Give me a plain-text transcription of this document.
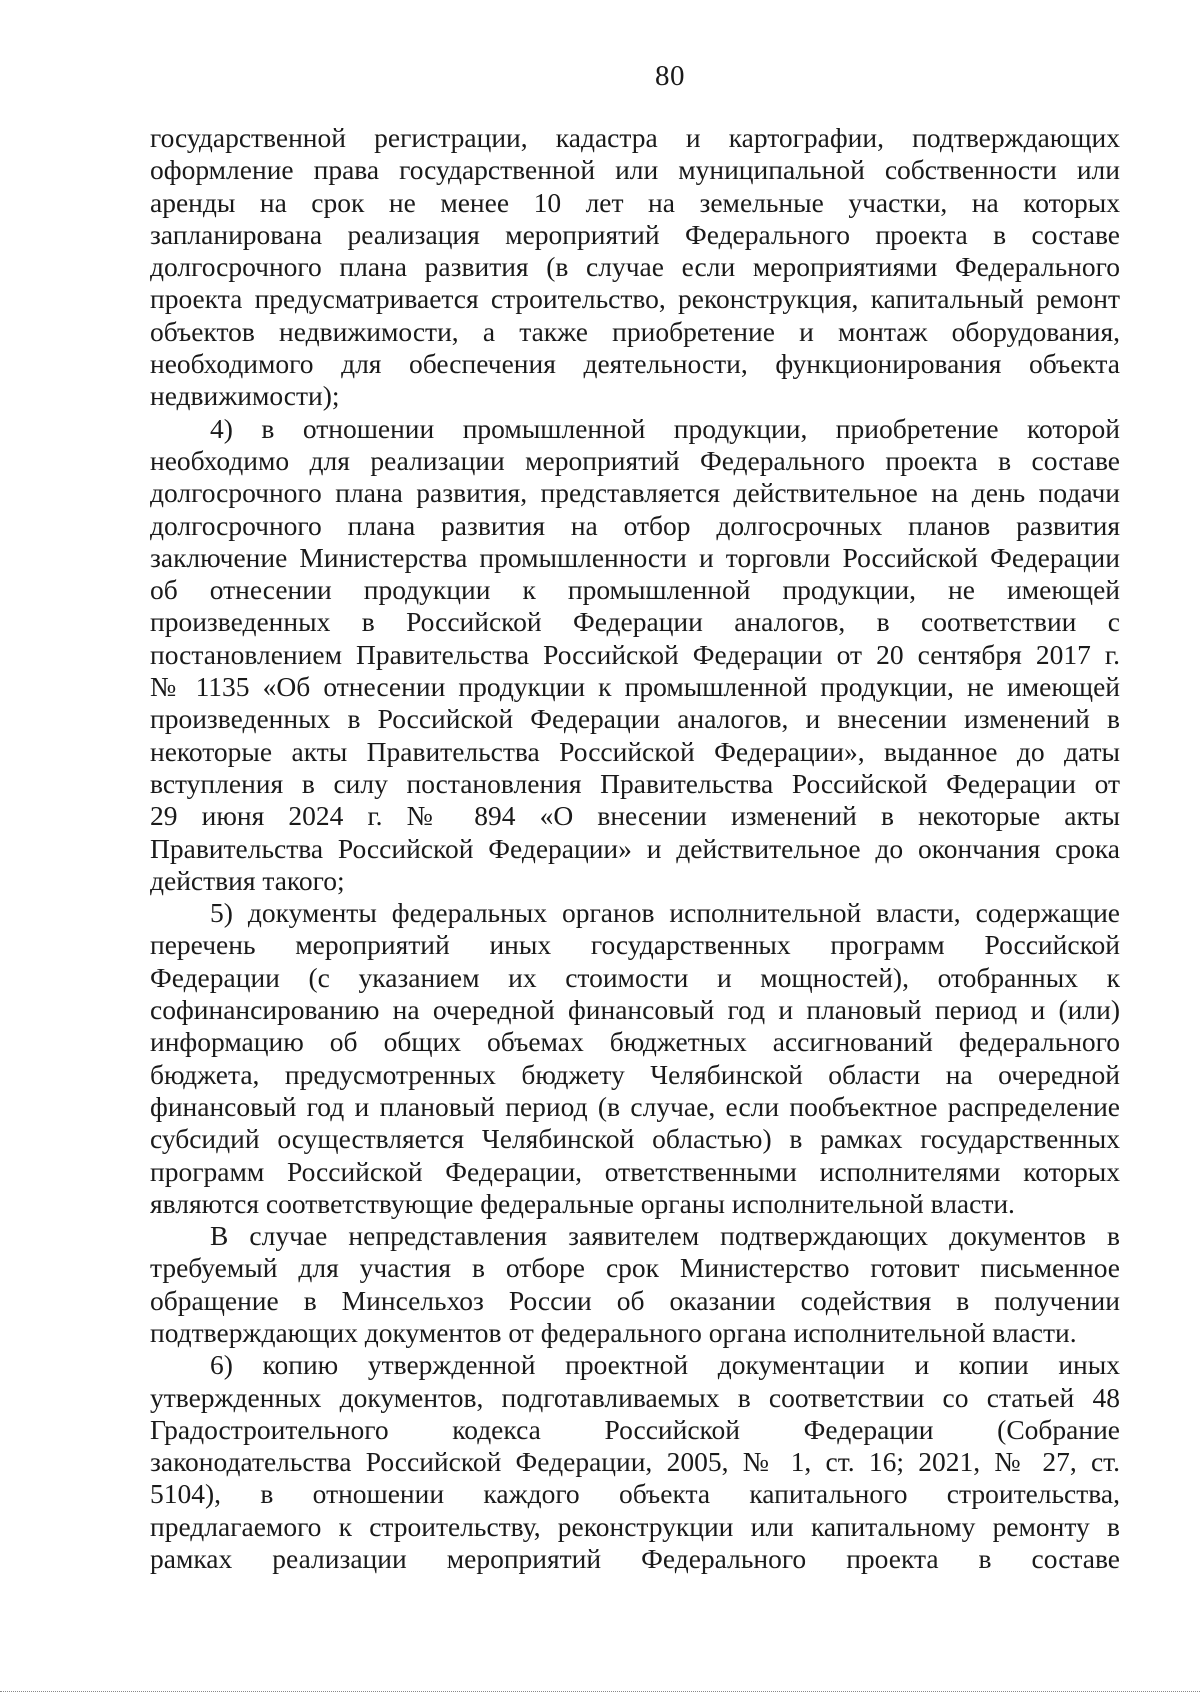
80

государственной регистрации, кадастра и картографии, подтверждающих
оформление права государственной или муниципальной собственности или
аренды на срок не менее 10 лет на земельные участки, на которых
запланирована реализация мероприятий Федерального проекта в составе
долгосрочного плана развития (в случае если мероприятиями Федерального
проекта предусматривается строительство, реконструкция, капитальный ремонт
объектов недвижимости, а также приобретение и монтаж оборудования,
необходимого для обеспечения деятельности, функционирования объекта
недвижимости);

4) в отношении промышленной продукции, приобретение которой
необходимо для реализации мероприятий Федерального проекта в составе
долгосрочного плана развития, представляется действительное на день подачи
долгосрочного плана развития на отбор долгосрочных планов развития
заключение Министерства промышленности и торговли Российской Федерации
об отнесении продукции к промышленной продукции, не имеющей
произведенных в Российской Федерации аналогов, в соответствии с
постановлением Правительства Российской Федерации от 20 сентября 2017 г.
№ 1135 «Об отнесении продукции к промышленной продукции, не имеющей
произведенных в Российской Федерации аналогов, и внесении изменений в
некоторые акты Правительства Российской Федерации», выданное до даты
вступления в силу постановления Правительства Российской Федерации от
29 июня 2024 г. № 894 «О внесении изменений в некоторые акты
Правительства Российской Федерации» и действительное до окончания срока
действия такого;

5) документы федеральных органов исполнительной власти, содержащие
перечень мероприятий иных государственных программ Российской
Федерации (с указанием их стоимости и мощностей), отобранных к
софинансированию на очередной финансовый год и плановый период и (или)
информацию об общих объемах бюджетных ассигнований федерального
бюджета, предусмотренных бюджету Челябинской области на очередной
финансовый год и плановый период (в случае, если пообъектное распределение
субсидий осуществляется Челябинской областью) в рамках государственных
программ Российской Федерации, ответственными исполнителями которых
являются соответствующие федеральные органы исполнительной власти.

В случае непредставления заявителем подтверждающих документов в
требуемый для участия в отборе срок Министерство готовит письменное
обращение в Минсельхоз России об оказании содействия в получении
подтверждающих документов от федерального органа исполнительной власти.

6) копию утвержденной проектной документации и копии иных
утвержденных документов, подготавливаемых в соответствии со статьей 48
Градостроительного кодекса Российской Федерации (Собрание
законодательства Российской Федерации, 2005, № 1, ст. 16; 2021, № 27, ст.
5104), в отношении каждого объекта капитального строительства,
предлагаемого к строительству, реконструкции или капитальному ремонту в
рамках реализации мероприятий Федерального проекта в составе
